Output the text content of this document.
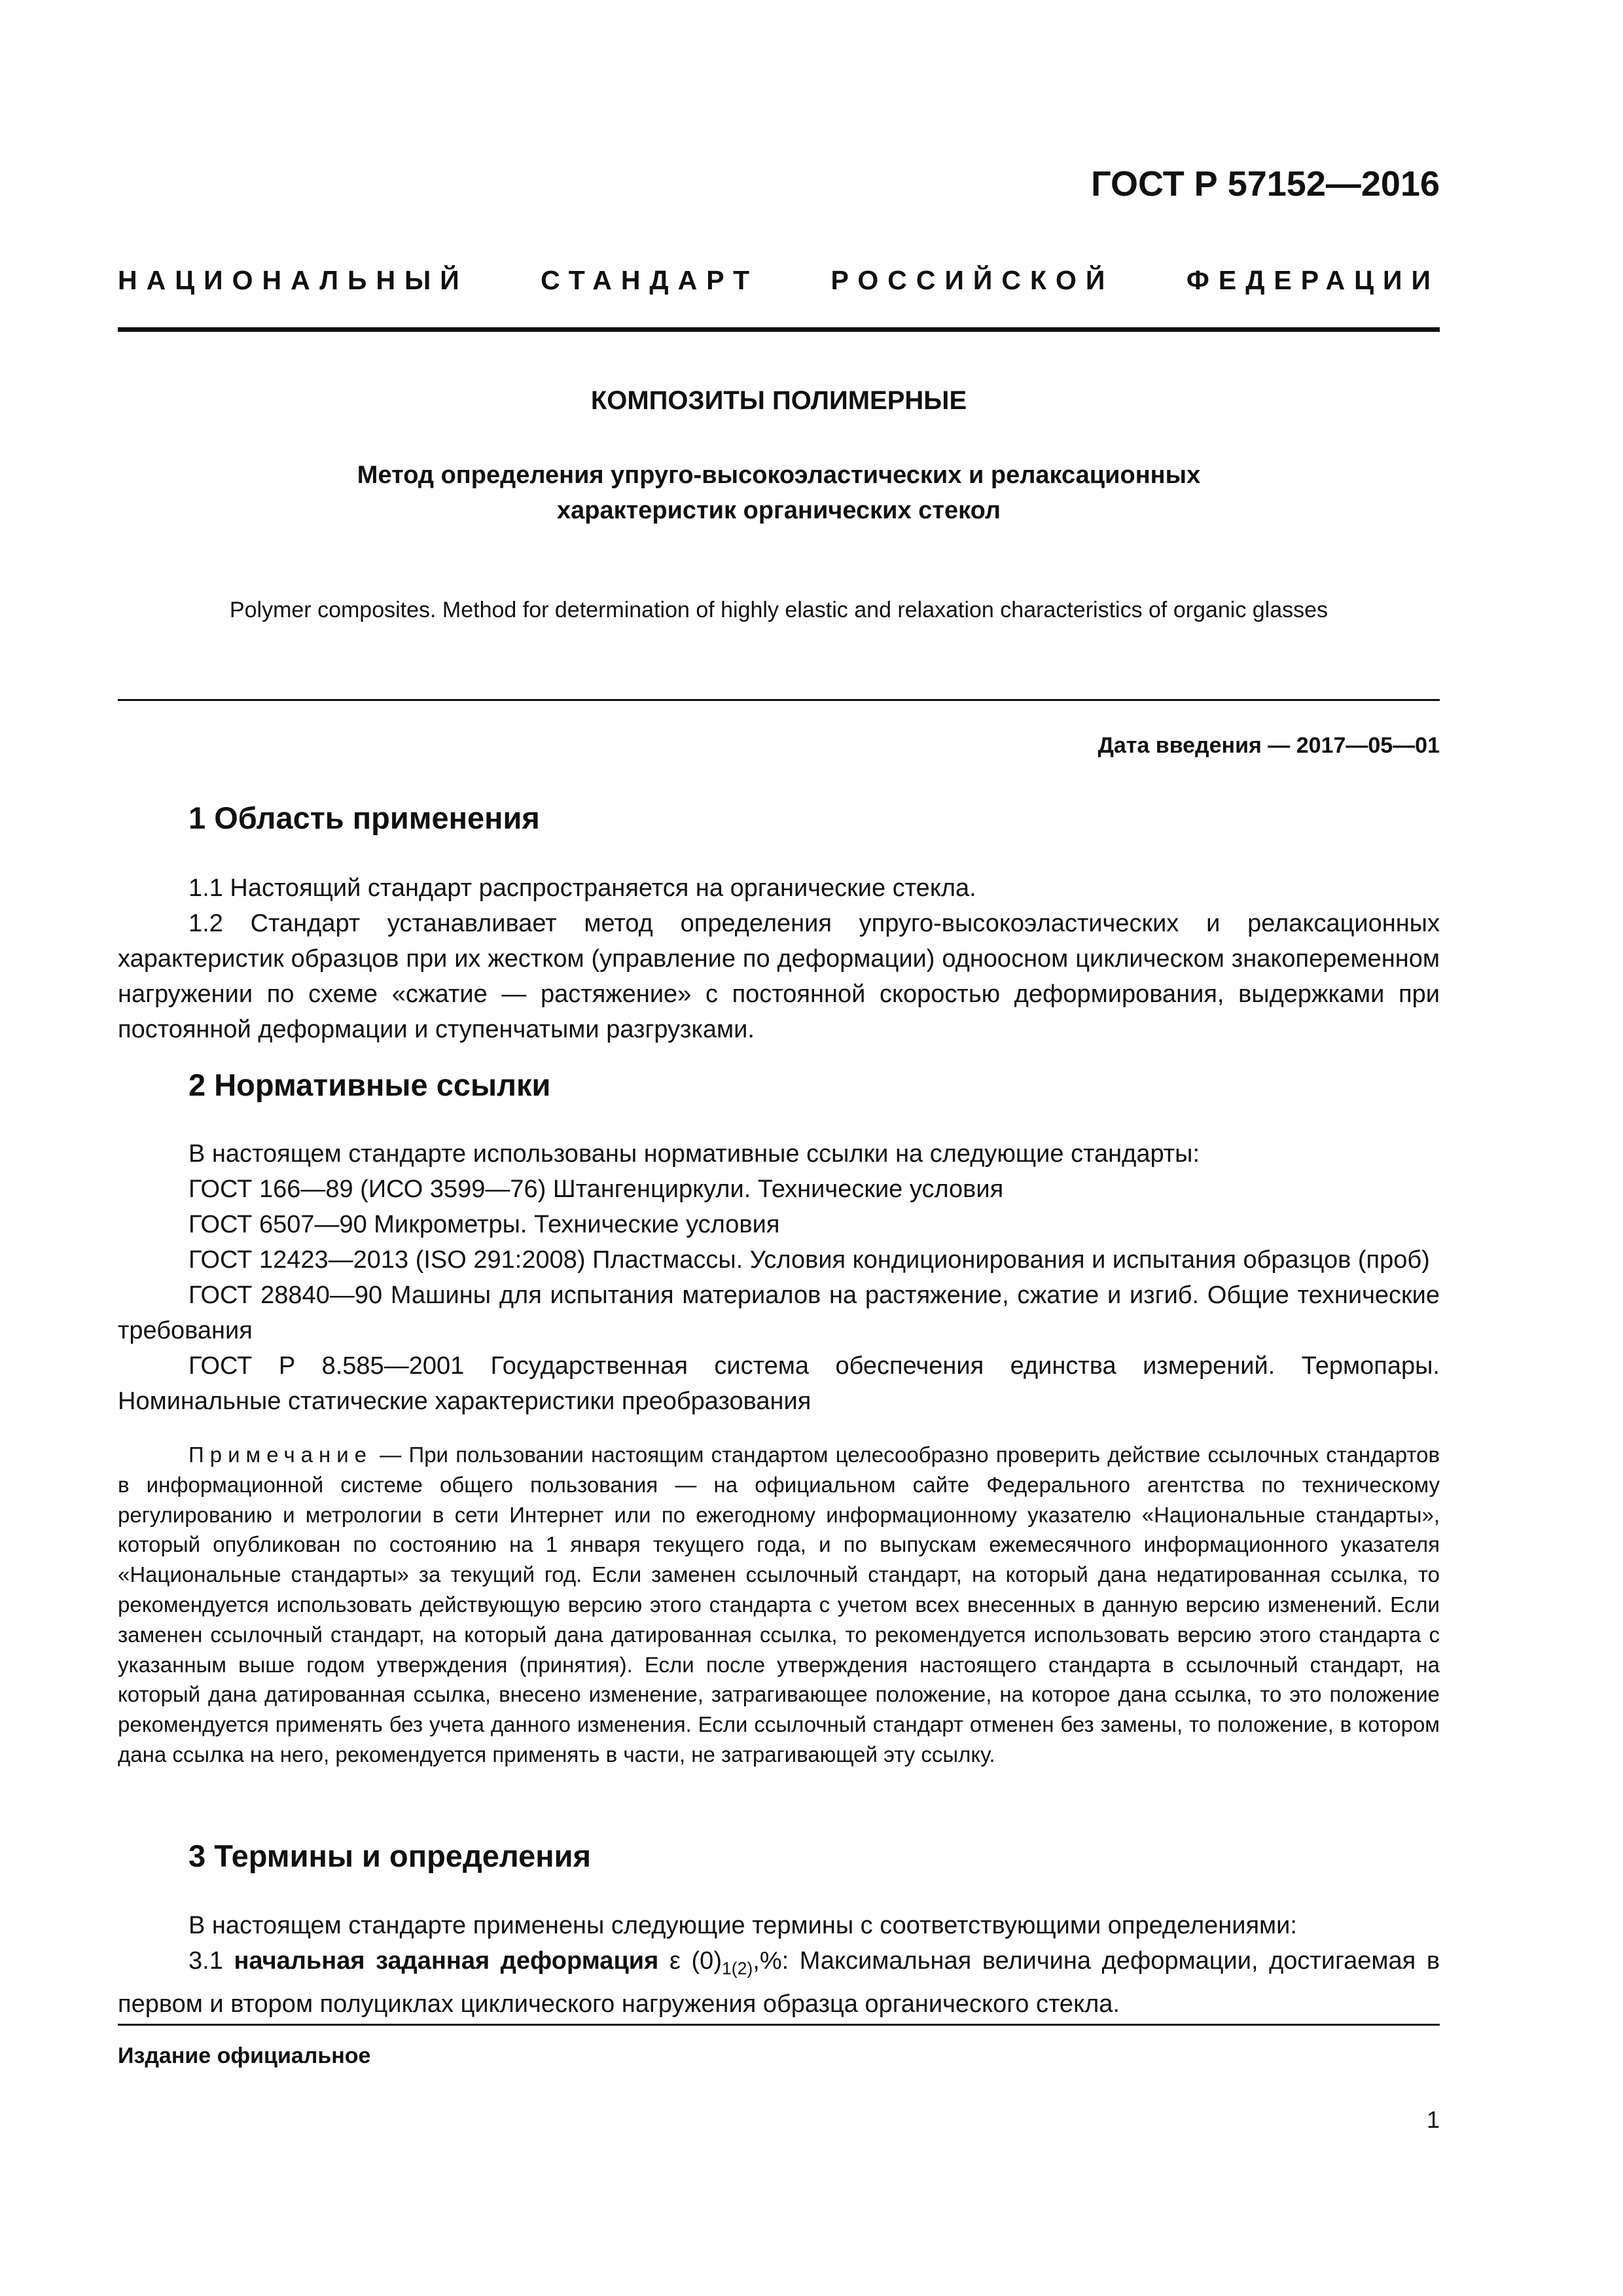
ГОСТ Р 57152—2016
НАЦИОНАЛЬНЫЙ	СТАНДАРТ	РОССИЙСКОЙ	ФЕДЕРАЦИИ
КОМПОЗИТЫ ПОЛИМЕРНЫЕ
Метод определения упруго-высокоэластических и релаксационных
характеристик органических стекол
Polymer composites. Method for determination of highly elastic and relaxation characteristics of organic glasses
Дата введения — 2017—05—01
1 Область применения

1.1 Настоящий стандарт распространяется на органические стекла.

1.2 Стандарт устанавливает метод определения упруго-высокоэластических и релаксационных характеристик образцов при их жестком (управление по деформации) одноосном циклическом знакопеременном нагружении по схеме «сжатие — растяжение» с постоянной скоростью деформирования, выдержками при постоянной деформации и ступенчатыми разгрузками.

2 Нормативные ссылки

В настоящем стандарте использованы нормативные ссылки на следующие стандарты:

ГОСТ 166—89 (ИСО 3599—76) Штангенциркули. Технические условия

ГОСТ 6507—90 Микрометры. Технические условия

ГОСТ 12423—2013 (ISO 291:2008) Пластмассы. Условия кондиционирования и испытания образцов (проб)

ГОСТ 28840—90 Машины для испытания материалов на растяжение, сжатие и изгиб. Общие технические требования

ГОСТ Р 8.585—2001 Государственная система обеспечения единства измерений. Термопары. Номинальные статические характеристики преобразования

Примечание — При пользовании настоящим стандартом целесообразно проверить действие ссылочных стандартов в информационной системе общего пользования — на официальном сайте Федерального агентства по техническому регулированию и метрологии в сети Интернет или по ежегодному информационному указателю «Национальные стандарты», который опубликован по состоянию на 1 января текущего года, и по выпускам ежемесячного информационного указателя «Национальные стандарты» за текущий год. Если заменен ссылочный стандарт, на который дана недатированная ссылка, то рекомендуется использовать действующую версию этого стандарта с учетом всех внесенных в данную версию изменений. Если заменен ссылочный стандарт, на который дана датированная ссылка, то рекомендуется использовать версию этого стандарта с указанным выше годом утверждения (принятия). Если после утверждения настоящего стандарта в ссылочный стандарт, на который дана датированная ссылка, внесено изменение, затрагивающее положение, на которое дана ссылка, то это положение рекомендуется применять без учета данного изменения. Если ссылочный стандарт отменен без замены, то положение, в котором дана ссылка на него, рекомендуется применять в части, не затрагивающей эту ссылку.

3 Термины и определения

В настоящем стандарте применены следующие термины с соответствующими определениями:

3.1 начальная заданная деформация ε $(0)_{1(2)},\%$: Максимальная величина деформации, достигаемая в первом и втором полуциклах циклического нагружения образца органического стекла.

Издание официальное
1
